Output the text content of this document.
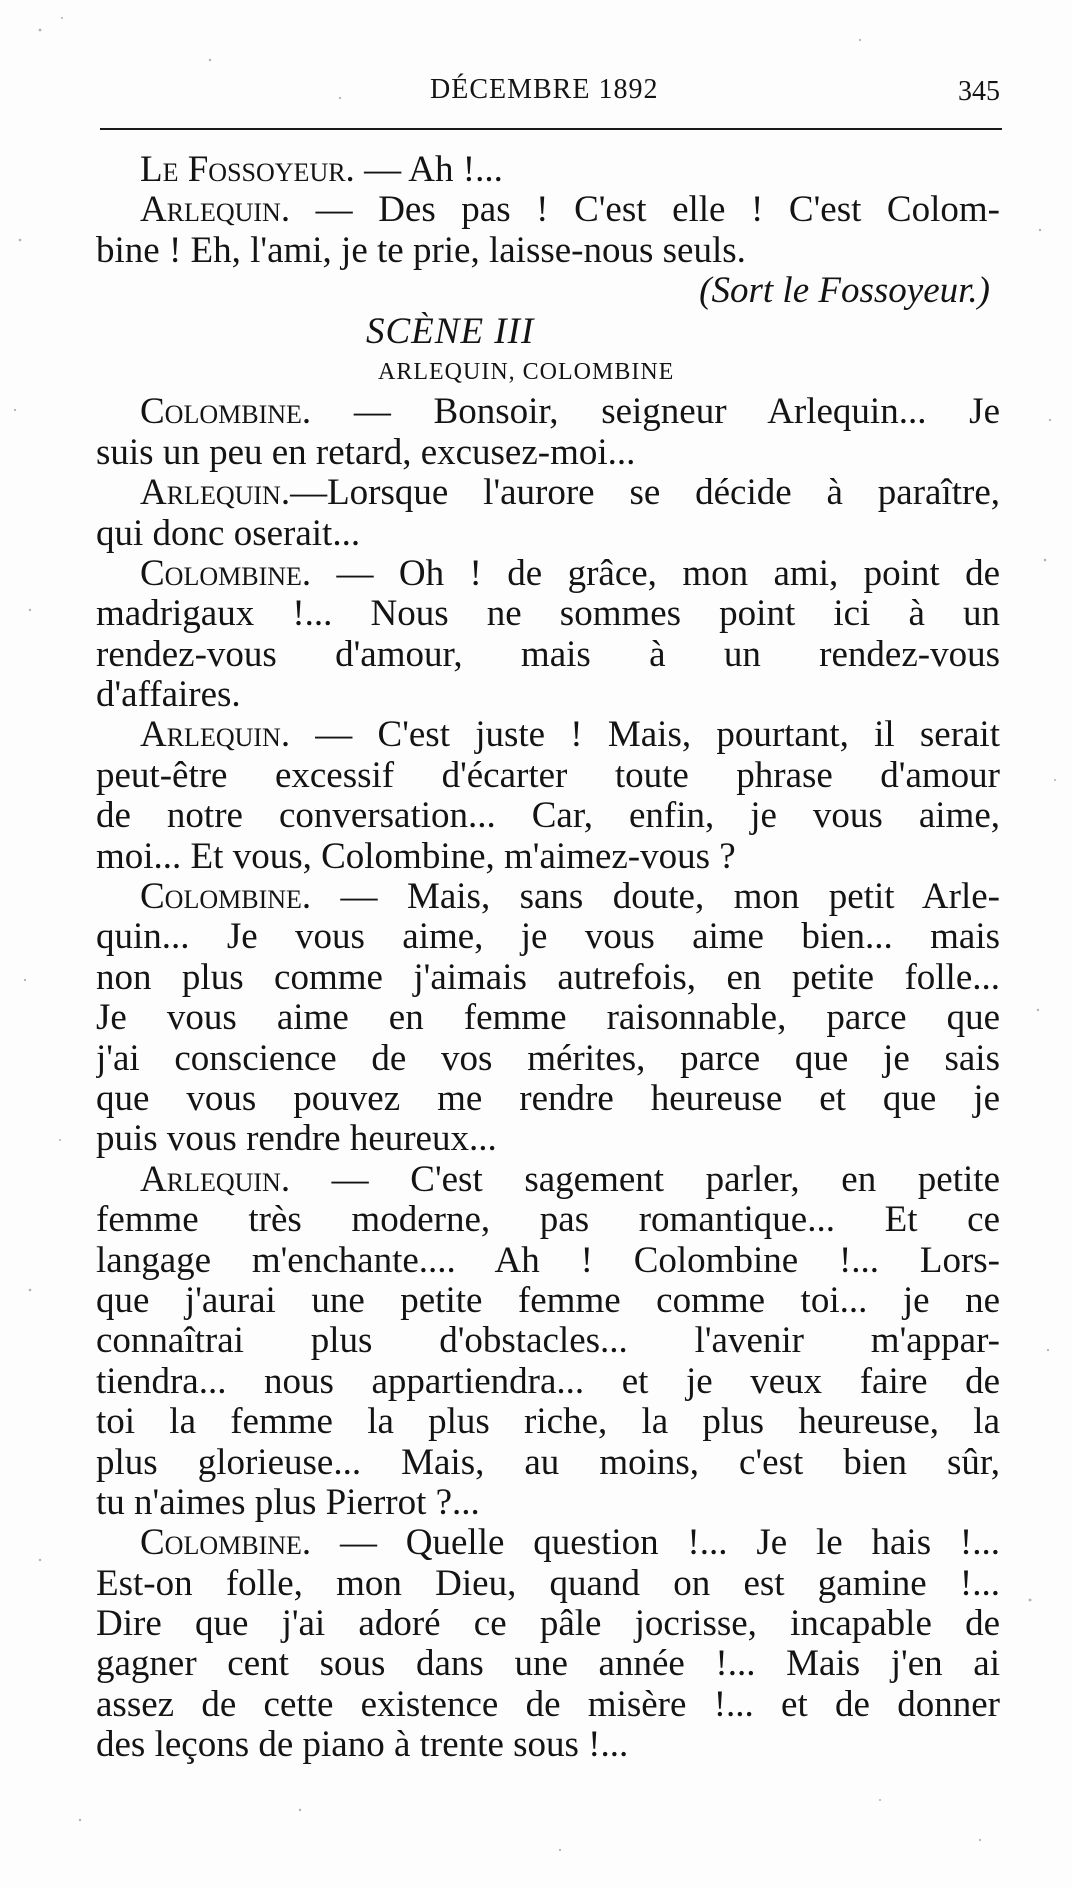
DÉCEMBRE 1892	345
Le Fossoyeur. — Ah !...
Arlequin. — Des pas ! C'est elle ! C'est Colom-
bine ! Eh, l'ami, je te prie, laisse-nous seuls.
(Sort le Fossoyeur.)
SCÈNE III
ARLEQUIN, COLOMBINE
Colombine. — Bonsoir, seigneur Arlequin... Je
suis un peu en retard, excusez-moi...
Arlequin.—Lorsque l'aurore se décide à paraître,
qui donc oserait...
Colombine. — Oh ! de grâce, mon ami, point de
madrigaux !... Nous ne sommes point ici à un
rendez-vous d'amour, mais à un rendez-vous
d'affaires.
Arlequin. — C'est juste ! Mais, pourtant, il serait
peut-être excessif d'écarter toute phrase d'amour
de notre conversation... Car, enfin, je vous aime,
moi... Et vous, Colombine, m'aimez-vous ?
Colombine. — Mais, sans doute, mon petit Arle-
quin... Je vous aime, je vous aime bien... mais
non plus comme j'aimais autrefois, en petite folle...
Je vous aime en femme raisonnable, parce que
j'ai conscience de vos mérites, parce que je sais
que vous pouvez me rendre heureuse et que je
puis vous rendre heureux...
Arlequin. — C'est sagement parler, en petite
femme très moderne, pas romantique... Et ce
langage m'enchante.... Ah ! Colombine !... Lors-
que j'aurai une petite femme comme toi... je ne
connaîtrai plus d'obstacles... l'avenir m'appar-
tiendra... nous appartiendra... et je veux faire de
toi la femme la plus riche, la plus heureuse, la
plus glorieuse... Mais, au moins, c'est bien sûr,
tu n'aimes plus Pierrot ?...
Colombine. — Quelle question !... Je le hais !...
Est-on folle, mon Dieu, quand on est gamine !...
Dire que j'ai adoré ce pâle jocrisse, incapable de
gagner cent sous dans une année !... Mais j'en ai
assez de cette existence de misère !... et de donner
des leçons de piano à trente sous !...
